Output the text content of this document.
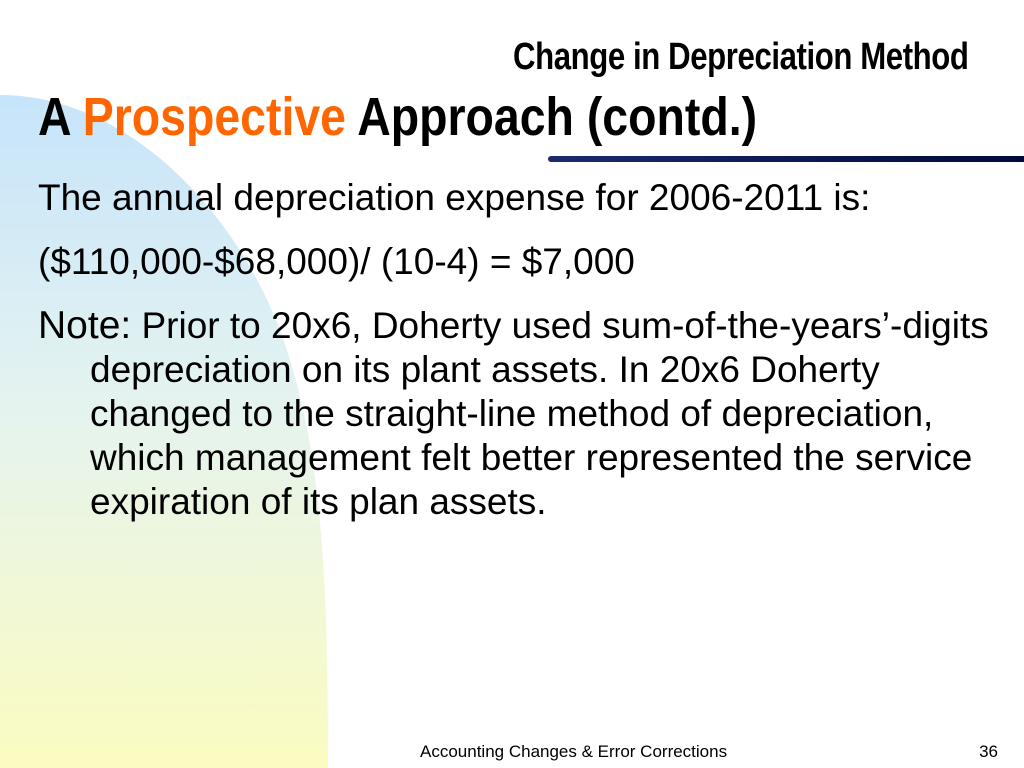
Change in Depreciation Method
A Prospective Approach (contd.)

The annual depreciation expense for 2006-2011 is:

($110,000-$68,000)/ (10-4) = $7,000

Note: Prior to 20x6, Doherty used sum-of-the-years’-digits depreciation on its plant assets. In 20x6 Doherty changed to the straight-line method of depreciation, which management felt better represented the service expiration of its plan assets.

Accounting Changes & Error Corrections	36
